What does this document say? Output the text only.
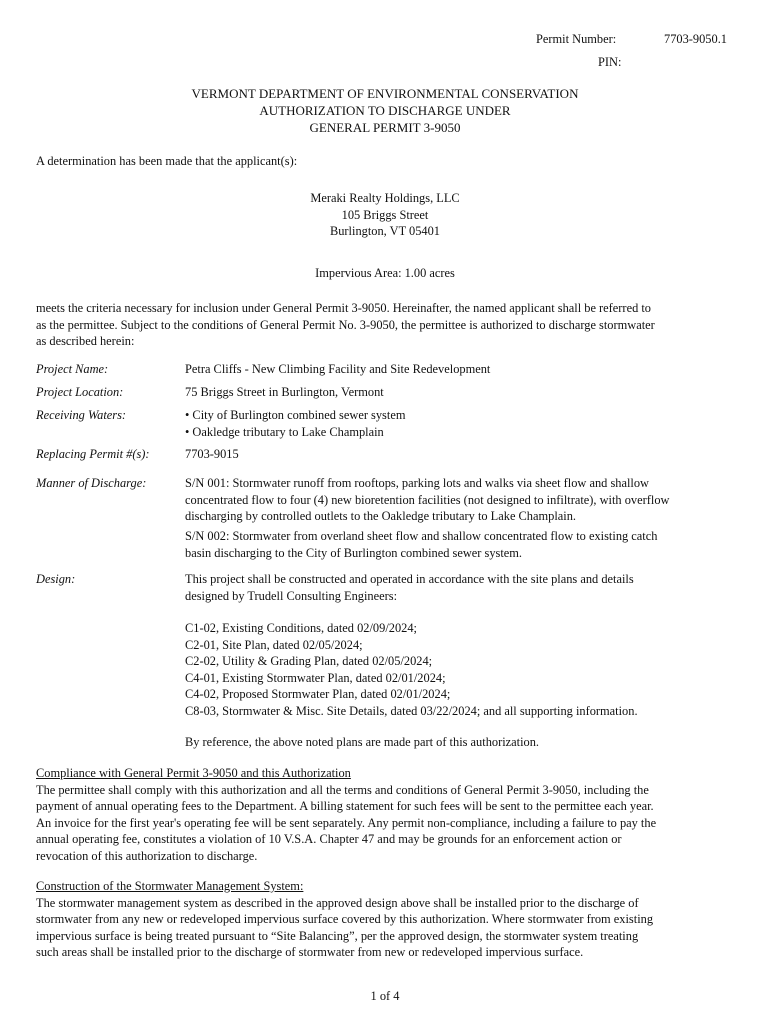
Permit Number:	7703-9050.1
PIN:
VERMONT DEPARTMENT OF ENVIRONMENTAL CONSERVATION
AUTHORIZATION TO DISCHARGE UNDER
GENERAL PERMIT 3-9050
A determination has been made that the applicant(s):
Meraki Realty Holdings, LLC
105 Briggs Street
Burlington, VT 05401
Impervious Area: 1.00 acres
meets the criteria necessary for inclusion under General Permit 3-9050. Hereinafter, the named applicant shall be referred to
as the permittee. Subject to the conditions of General Permit No. 3-9050, the permittee is authorized to discharge stormwater
as described herein:
Project Name:	Petra Cliffs - New Climbing Facility and Site Redevelopment
Project Location:	75 Briggs Street in Burlington, Vermont
Receiving Waters:	• City of Burlington combined sewer system
• Oakledge tributary to Lake Champlain
Replacing Permit #(s):	7703-9015
Manner of Discharge:	S/N 001: Stormwater runoff from rooftops, parking lots and walks via sheet flow and shallow
concentrated flow to four (4) new bioretention facilities (not designed to infiltrate), with overflow
discharging by controlled outlets to the Oakledge tributary to Lake Champlain.
S/N 002: Stormwater from overland sheet flow and shallow concentrated flow to existing catch
basin discharging to the City of Burlington combined sewer system.
Design:	This project shall be constructed and operated in accordance with the site plans and details
designed by Trudell Consulting Engineers:
C1-02, Existing Conditions, dated 02/09/2024;
C2-01, Site Plan, dated 02/05/2024;
C2-02, Utility & Grading Plan, dated 02/05/2024;
C4-01, Existing Stormwater Plan, dated 02/01/2024;
C4-02, Proposed Stormwater Plan, dated 02/01/2024;
C8-03, Stormwater & Misc. Site Details, dated 03/22/2024; and all supporting information.
By reference, the above noted plans are made part of this authorization.
Compliance with General Permit 3-9050 and this Authorization
The permittee shall comply with this authorization and all the terms and conditions of General Permit 3-9050, including the
payment of annual operating fees to the Department. A billing statement for such fees will be sent to the permittee each year.
An invoice for the first year's operating fee will be sent separately. Any permit non-compliance, including a failure to pay the
annual operating fee, constitutes a violation of 10 V.S.A. Chapter 47 and may be grounds for an enforcement action or
revocation of this authorization to discharge.
Construction of the Stormwater Management System:
The stormwater management system as described in the approved design above shall be installed prior to the discharge of
stormwater from any new or redeveloped impervious surface covered by this authorization. Where stormwater from existing
impervious surface is being treated pursuant to “Site Balancing”, per the approved design, the stormwater system treating
such areas shall be installed prior to the discharge of stormwater from new or redeveloped impervious surface.
1 of 4
